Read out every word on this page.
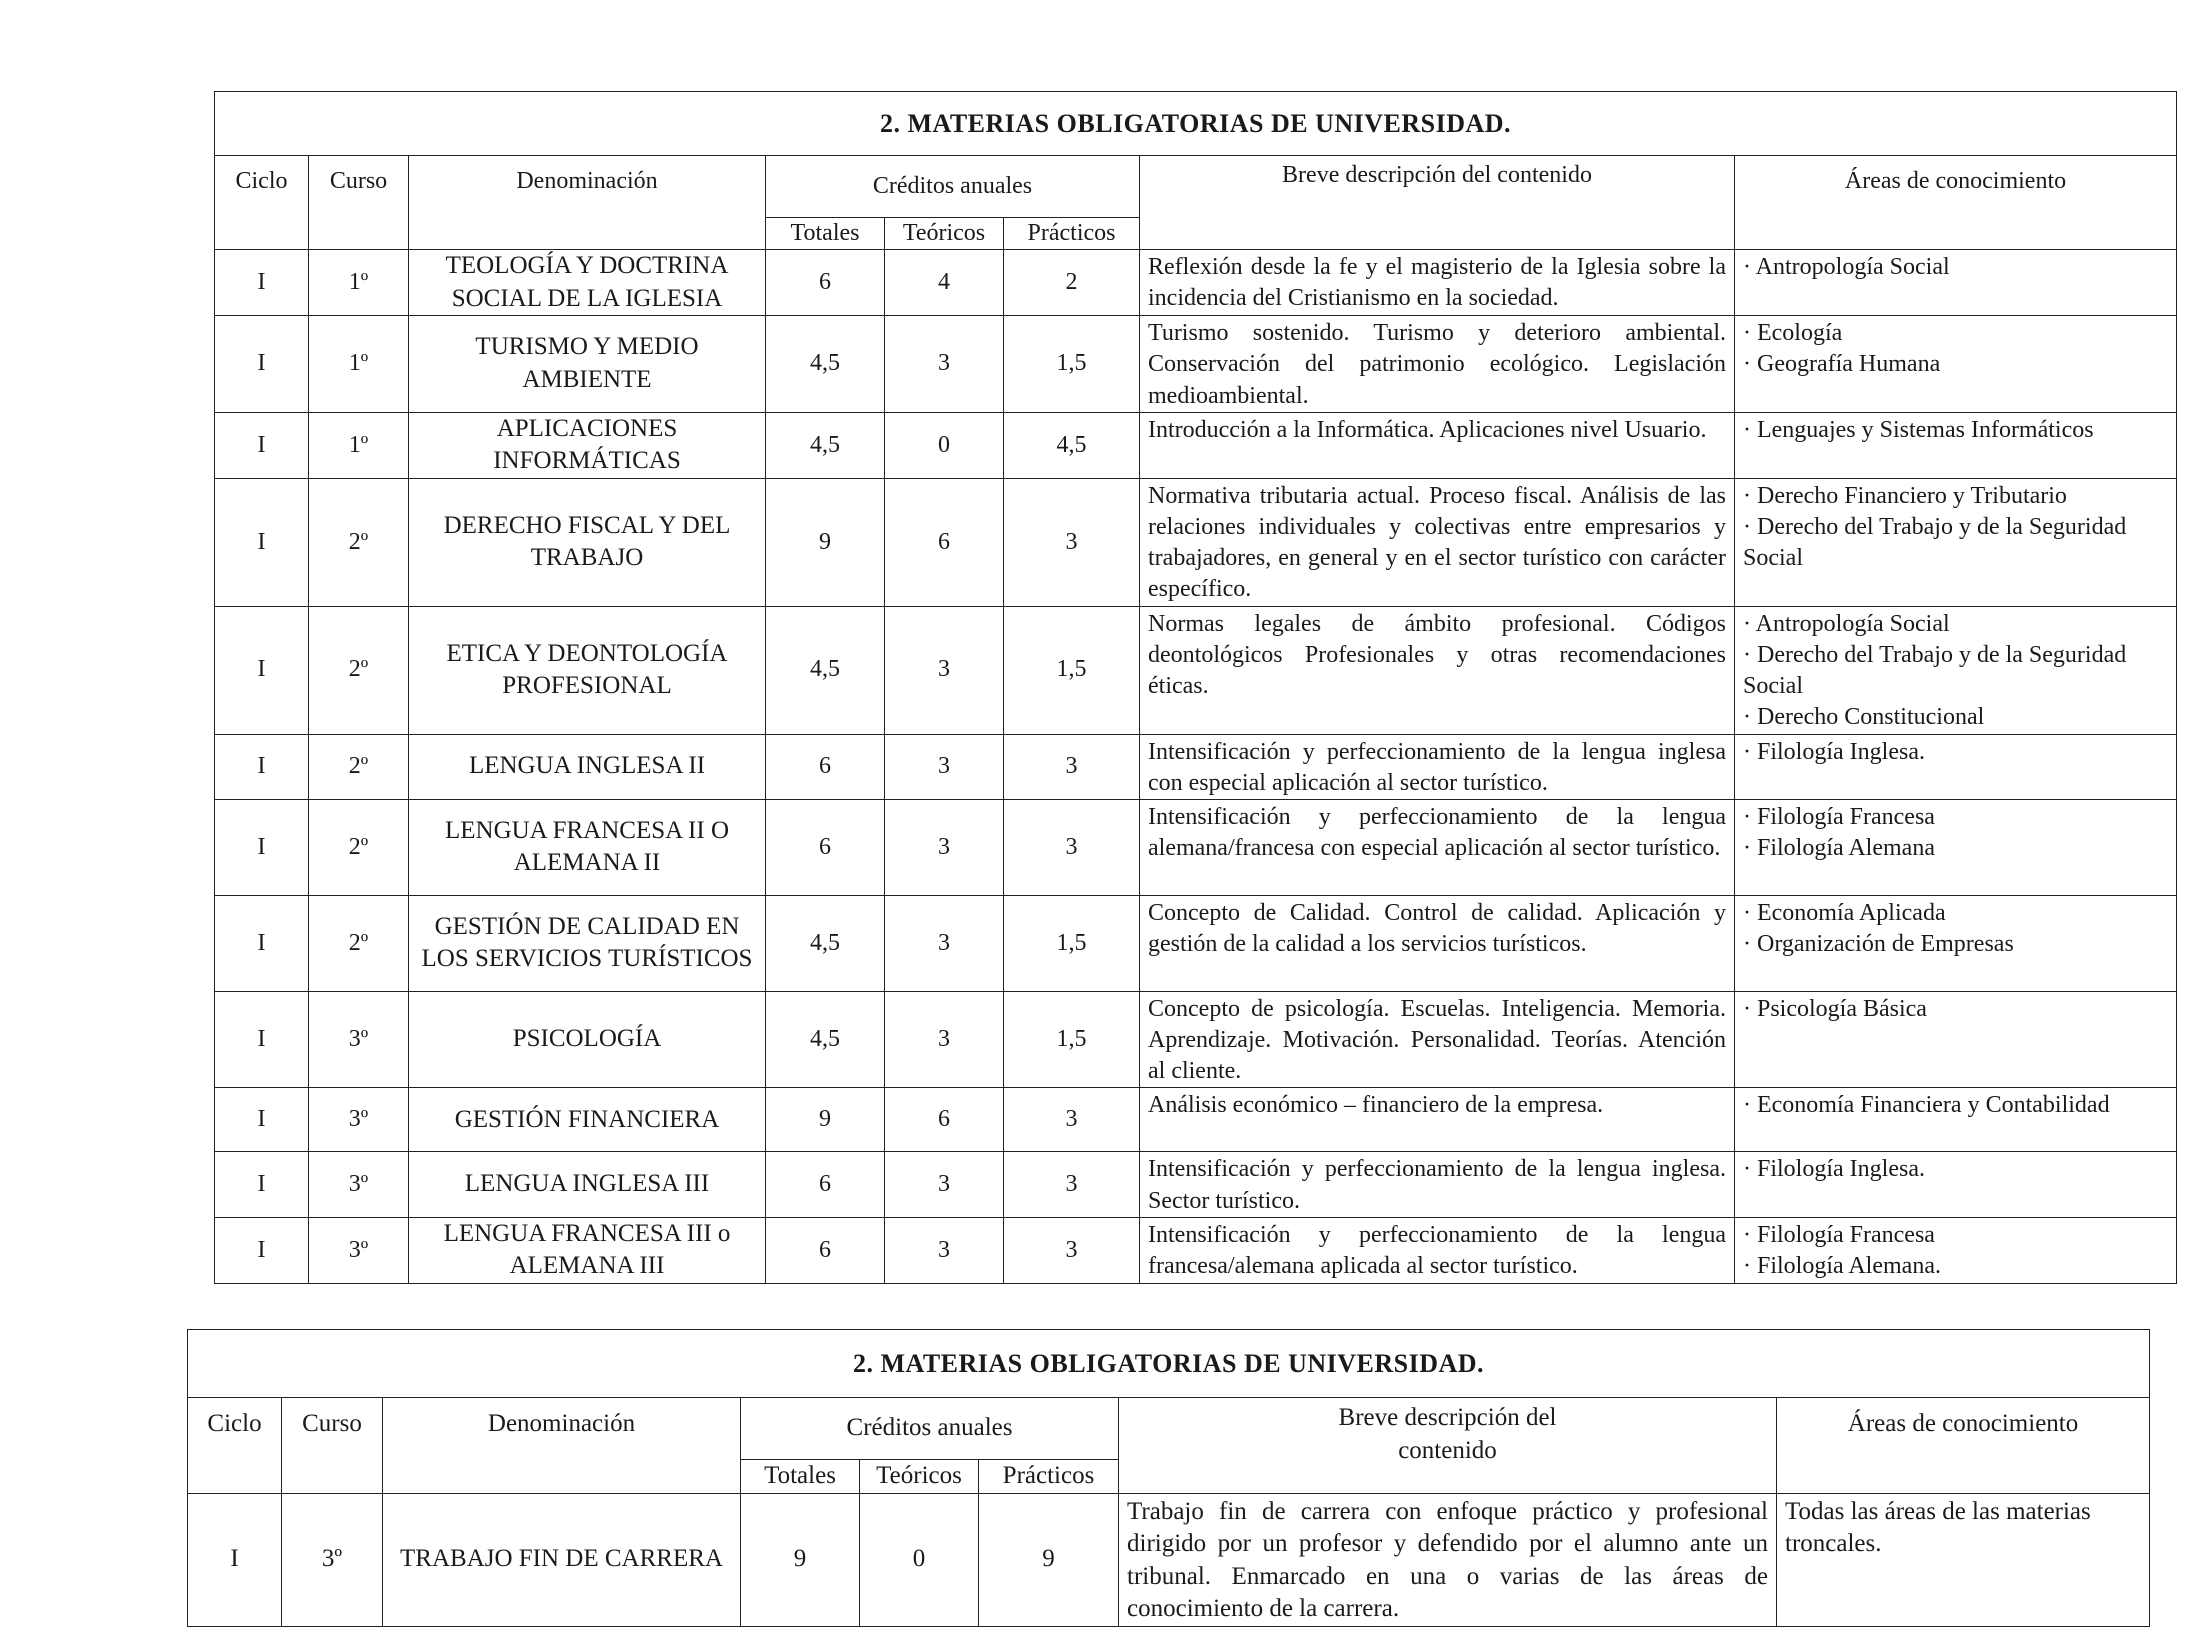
2. MATERIAS OBLIGATORIAS DE UNIVERSIDAD.							
Ciclo	Curso	Denominación	Créditos anuales			Breve descripción del contenido	Áreas de conocimiento
			Totales	Teóricos	Prácticos		
I	1º	TEOLOGÍA Y DOCTRINA SOCIAL DE LA IGLESIA	6	4	2	Reflexión desde la fe y el magisterio de la Iglesia sobre la incidencia del Cristianismo en la sociedad.	· Antropología Social

I	1º	TURISMO Y MEDIO AMBIENTE	4,5	3	1,5	Turismo sostenido. Turismo y deterioro ambiental. Conservación del patrimonio ecológico. Legislación medioambiental.	· Ecología
· Geografía Humana

I	1º	APLICACIONES INFORMÁTICAS	4,5	0	4,5	Introducción a la Informática. Aplicaciones nivel Usuario.	· Lenguajes y Sistemas Informáticos

I	2º	DERECHO FISCAL Y DEL TRABAJO	9	6	3	Normativa tributaria actual. Proceso fiscal. Análisis de las relaciones individuales y colectivas entre empresarios y trabajadores, en general y en el sector turístico con carácter específico.	· Derecho Financiero y Tributario
· Derecho del Trabajo y de la Seguridad Social

I	2º	ETICA Y DEONTOLOGÍA PROFESIONAL	4,5	3	1,5	Normas legales de ámbito profesional. Códigos deontológicos Profesionales y otras recomendaciones éticas.	· Antropología Social
· Derecho del Trabajo y de la Seguridad Social
· Derecho Constitucional

I	2º	LENGUA INGLESA II	6	3	3	Intensificación y perfeccionamiento de la lengua inglesa con especial aplicación al sector turístico.	· Filología Inglesa.

I	2º	LENGUA FRANCESA II O ALEMANA II	6	3	3	Intensificación y perfeccionamiento de la lengua alemana/francesa con especial aplicación al sector turístico.	· Filología Francesa
· Filología Alemana

I	2º	GESTIÓN DE CALIDAD EN LOS SERVICIOS TURÍSTICOS	4,5	3	1,5	Concepto de Calidad. Control de calidad. Aplicación y gestión de la calidad a los servicios turísticos.	· Economía Aplicada
· Organización de Empresas

I	3º	PSICOLOGÍA	4,5	3	1,5	Concepto de psicología. Escuelas. Inteligencia. Memoria. Aprendizaje. Motivación. Personalidad. Teorías. Atención al cliente.	· Psicología Básica

I	3º	GESTIÓN FINANCIERA	9	6	3	Análisis económico – financiero de la empresa.	· Economía Financiera y Contabilidad

I	3º	LENGUA INGLESA III	6	3	3	Intensificación y perfeccionamiento de la lengua inglesa. Sector turístico.	· Filología Inglesa.

I	3º	LENGUA FRANCESA III o ALEMANA III	6	3	3	Intensificación y perfeccionamiento de la lengua francesa/alemana aplicada al sector turístico.	· Filología Francesa
· Filología Alemana.
2. MATERIAS OBLIGATORIAS DE UNIVERSIDAD.							
Ciclo	Curso	Denominación	Créditos anuales			Breve descripción del contenido	Áreas de conocimiento
			Totales	Teóricos	Prácticos		
I	3º	TRABAJO FIN DE CARRERA	9	0	9	Trabajo fin de carrera con enfoque práctico y profesional dirigido por un profesor y defendido por el alumno ante un tribunal. Enmarcado en una o varias de las áreas de conocimiento de la carrera.	Todas las áreas de las materias troncales.
